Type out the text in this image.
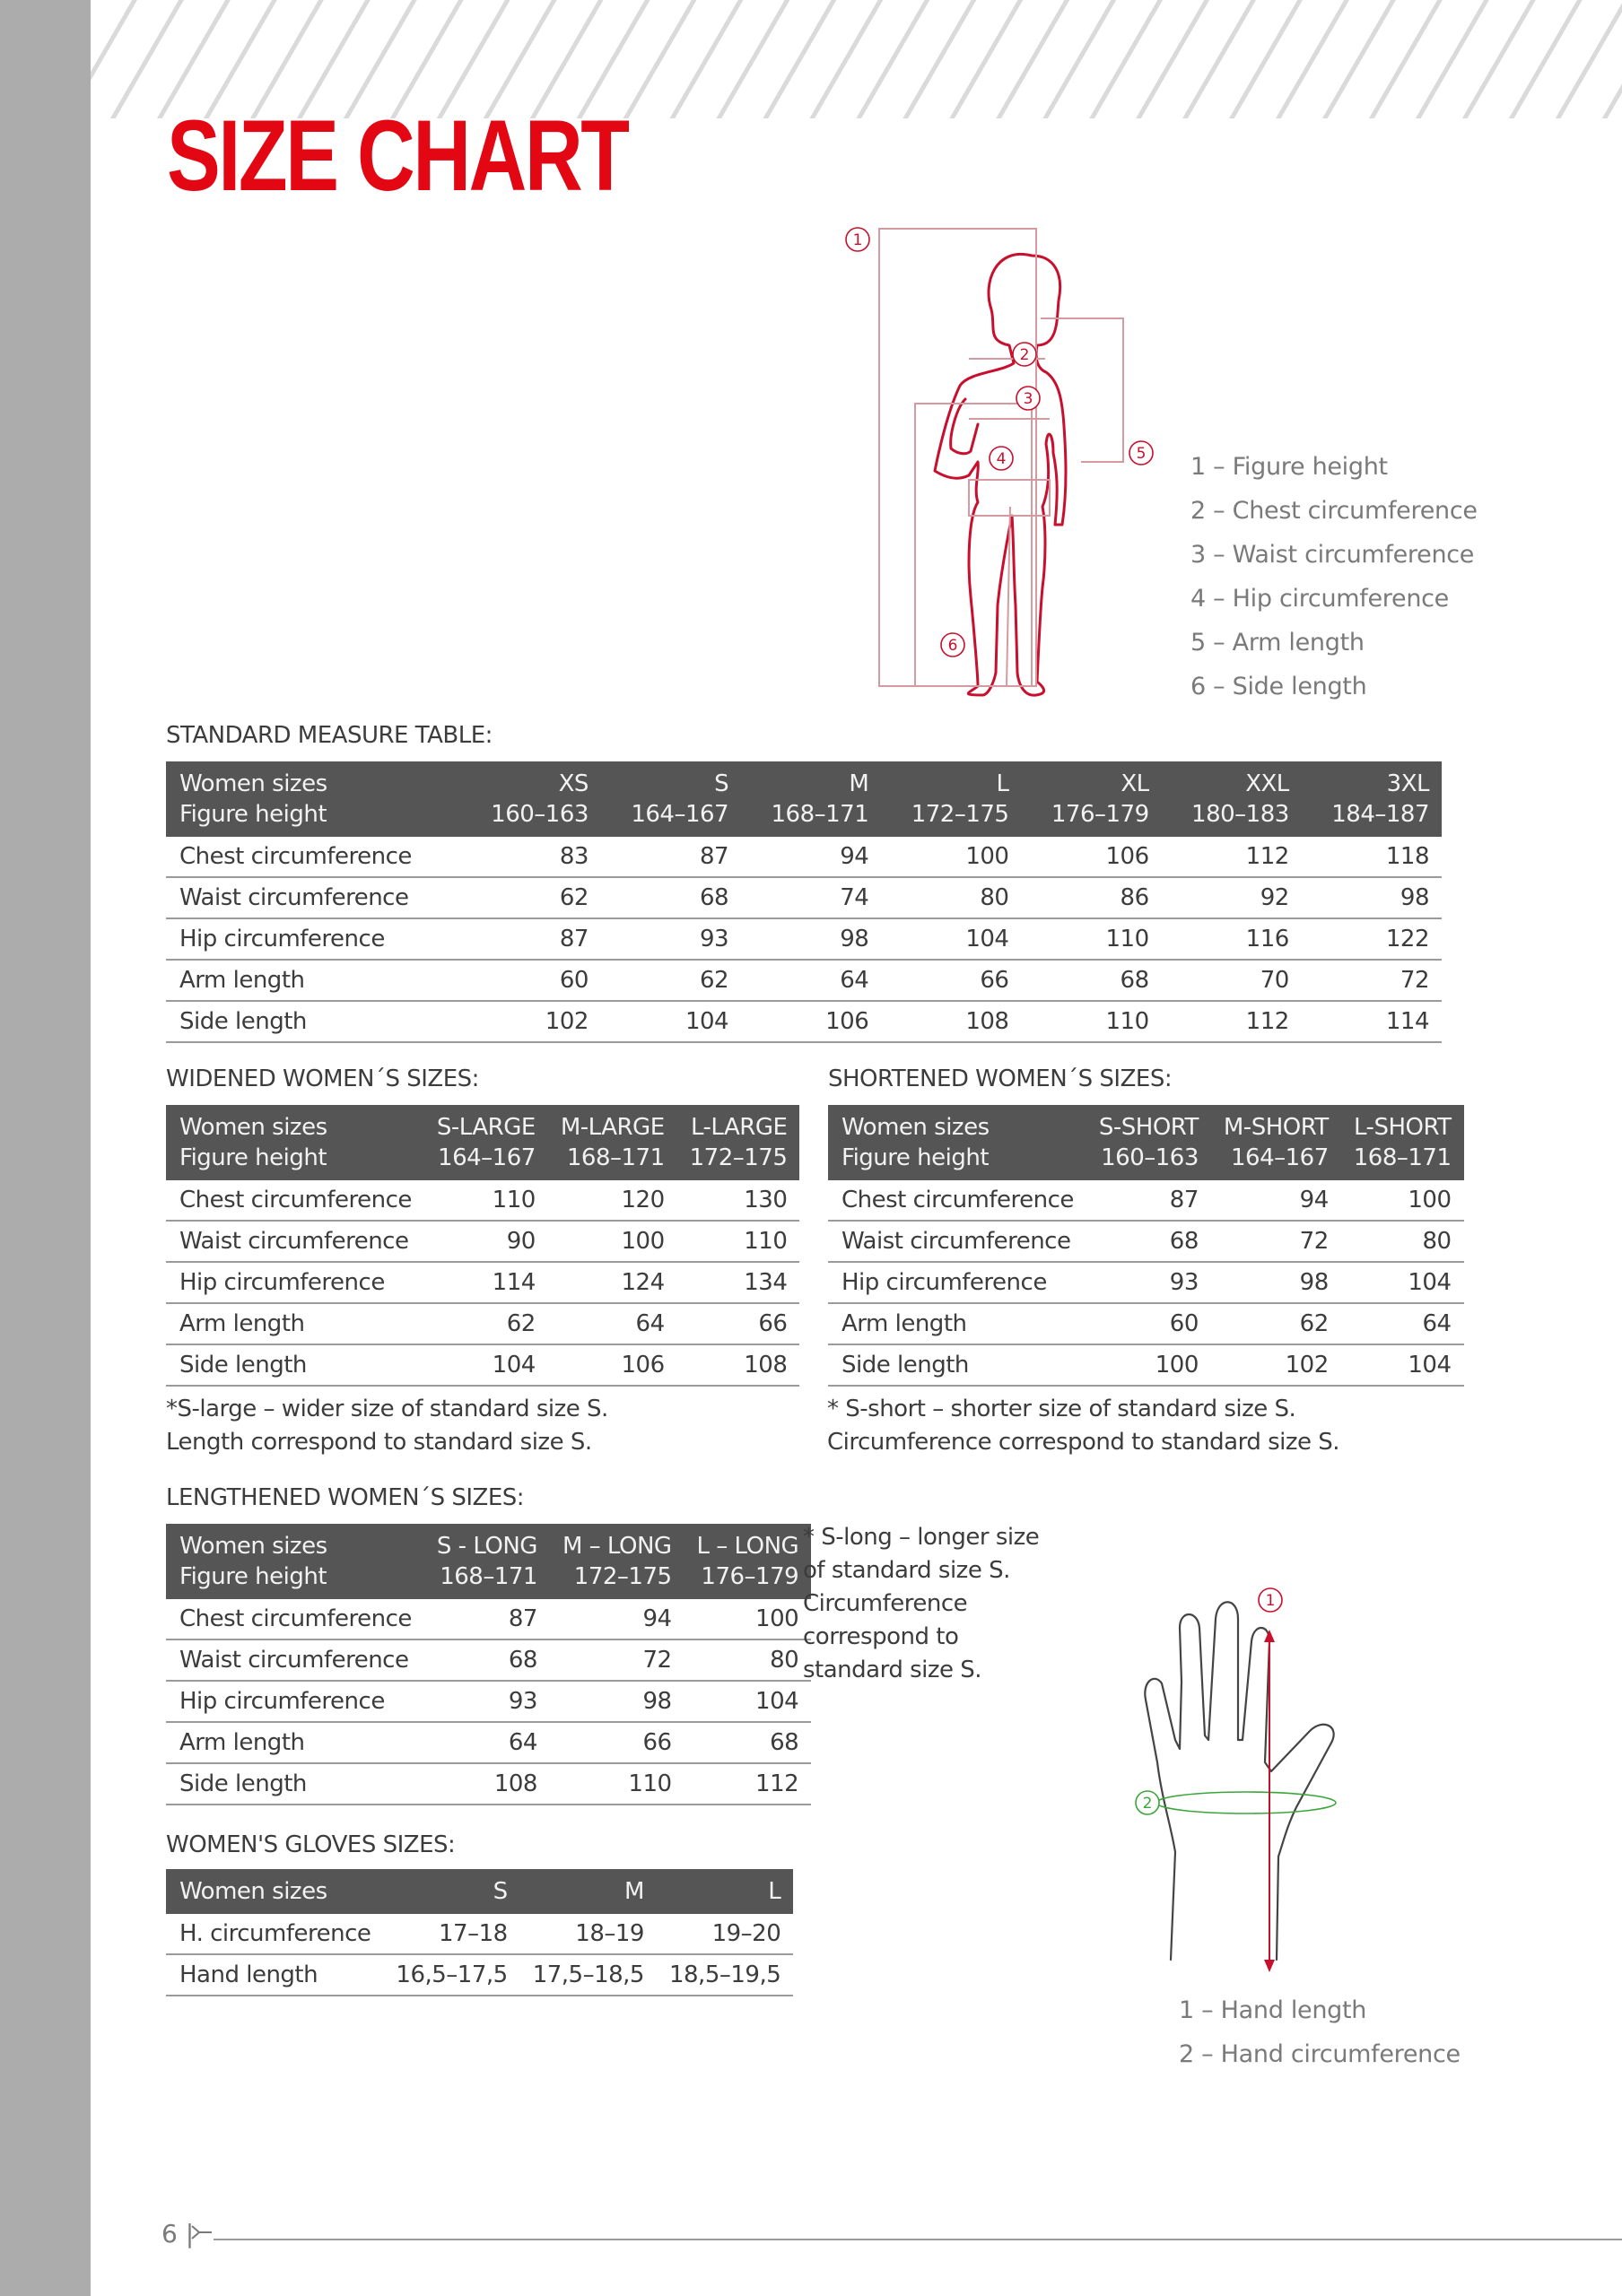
SIZE CHART
1
2
3
4	5
6
1 – Figure height
2 – Chest circumference
3 – Waist circumference
4 – Hip circumference
5 – Arm length
6 – Side length
STANDARD MEASURE TABLE:
Women sizes	XS	S	M	L	XL	XXL	3XL
Figure height	160–163	164–167	168–171	172–175	176–179	180–183	184–187
Chest circumference	83	87	94	100	106	112	118
Waist circumference	62	68	74	80	86	92	98
Hip circumference	87	93	98	104	110	116	122
Arm length	60	62	64	66	68	70	72
Side length	102	104	106	108	110	112	114
WIDENED WOMEN´S SIZES:
Women sizes	S-LARGE	M-LARGE	L-LARGE
Figure height	164–167	168–171	172–175
Chest circumference	110	120	130
Waist circumference	90	100	110
Hip circumference	114	124	134
Arm length	62	64	66
Side length	104	106	108
*S-large – wider size of standard size S.
Length correspond to standard size S.
SHORTENED WOMEN´S SIZES:
Women sizes	S-SHORT	M-SHORT	L-SHORT
Figure height	160–163	164–167	168–171
Chest circumference	87	94	100
Waist circumference	68	72	80
Hip circumference	93	98	104
Arm length	60	62	64
Side length	100	102	104
* S-short – shorter size of standard size S.
Circumference correspond to standard size S.
LENGTHENED WOMEN´S SIZES:
Women sizes	S - LONG	M – LONG	L – LONG
Figure height	168–171	172–175	176–179
Chest circumference	87	94	100
Waist circumference	68	72	80
Hip circumference	93	98	104
Arm length	64	66	68
Side length	108	110	112
* S-long – longer size
of standard size S.
Circumference
correspond to
standard size S.
WOMEN'S GLOVES SIZES:
Women sizes	S	M	L
H. circumference	17–18	18–19	19–20
Hand length	16,5–17,5	17,5–18,5	18,5–19,5
1
2
1 – Hand length
2 – Hand circumference
6 |
